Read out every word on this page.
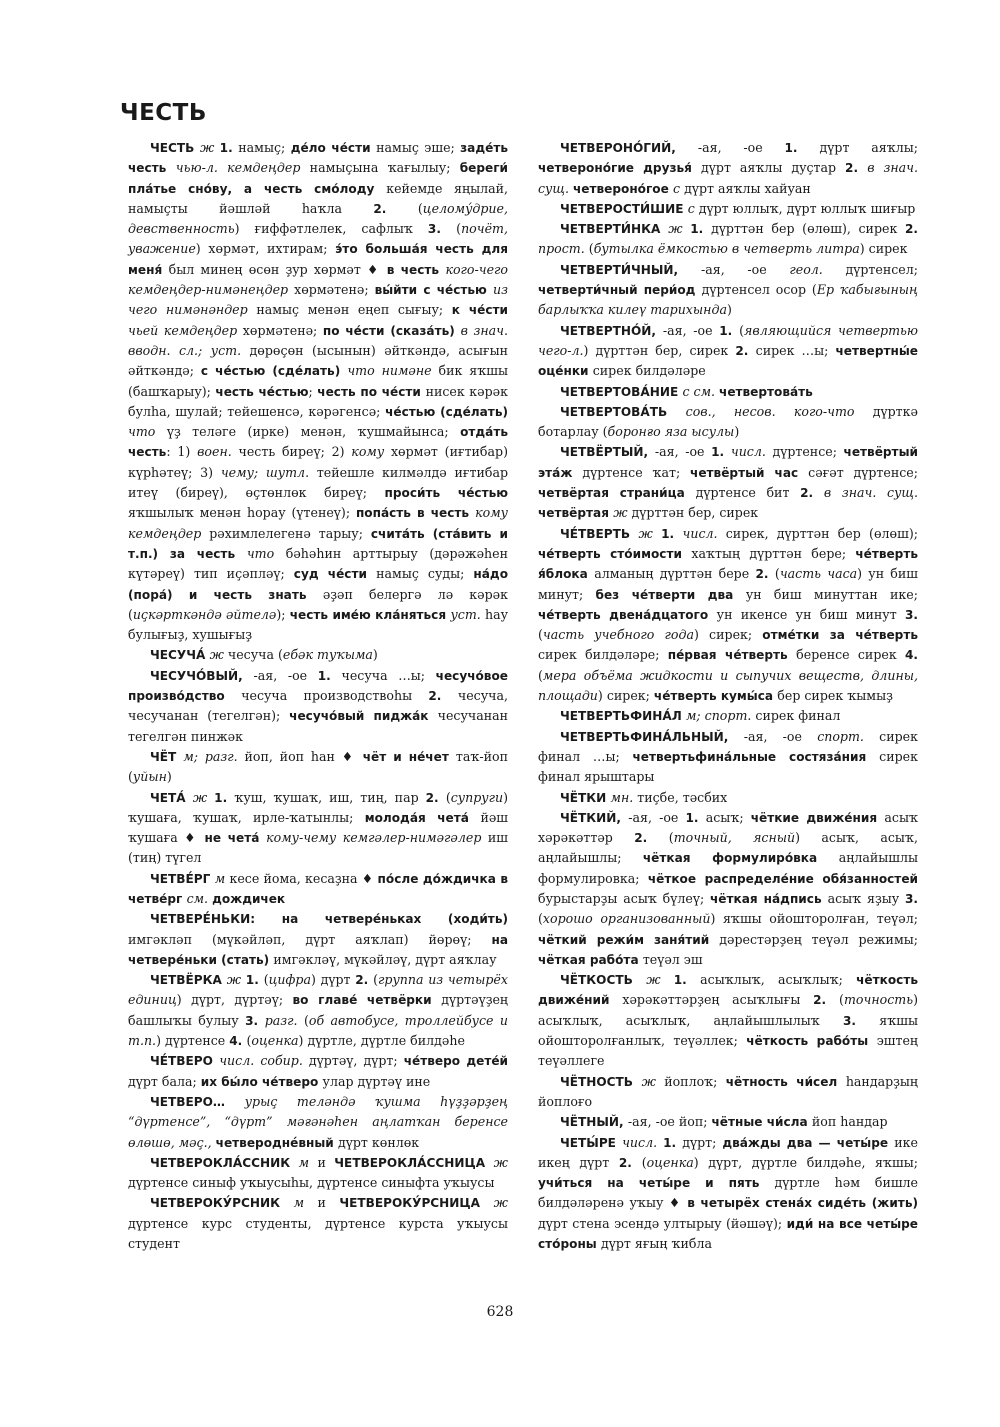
ЧЕСТЬ

ЧЕСТЬ ж 1. намыҫ; де́ло че́сти намыҫ эше; заде́ть честь чью-л. кемдеңдер намыҫына ҡағылыу; береги́ пла́тье сно́ву, а честь смо́лоду кейемде яңылай, намыҫты йәшләй һаҡла 2. (целому́дрие, девственность) ғиффәтлелек, сафлыҡ 3. (почёт, уважение) хөрмәт, ихтирам; э́то больша́я честь для меня́ был минең өсөн ҙур хөрмәт ♦ в честь кого-чего кемдеңдер-нимәнеңдер хөрмәтенә; вы́йти с че́стью из чего нимәнәндер намыҫ менән еңеп сығыу; к че́сти чьей кемдеңдер хөрмәтенә; по че́сти (сказа́ть) в знач. вводн. сл.; уст. дөрөҫөн (ысынын) әйткәндә, асығын әйткәндә; с че́стью (сде́лать) что нимәне бик яҡшы (башҡарыу); честь че́стью; честь по че́сти нисек кәрәк булһа, шулай; тейешенсә, кәрәгенсә; че́стью (сде́лать) что үҙ теләге (ирке) менән, ҡушмайынса; отда́ть честь: 1) воен. честь биреү; 2) кому хөрмәт (иғтибар) күрһәтеү; 3) чему; шутл. тейешле килмәлдә иғтибар итеү (биреү), өҫтөнлөк биреү; проси́ть че́стью яҡшылыҡ менән һорау (үтенеү); попа́сть в честь кому кемдеңдер рәхимлелегенә тарыу; счита́ть (ста́вить и т.п.) за честь что бәһәһин арттырыу (дәрәжәһен күтәреү) тип иҫәпләү; суд че́сти намыҫ суды; на́до (пора́) и честь знать әҙәп белергә лә кәрәк (иҫкәрткәндә әйтелә); честь име́ю кла́няться уст. һау булығыҙ, хушығыҙ

ЧЕСУЧА́ ж чесуча (ебәк туҡыма)

ЧЕСУЧО́ВЫЙ, -ая, -ое 1. чесуча …ы; чесучо́вое произво́дство чесуча производствоһы 2. чесуча, чесучанан (тегелгән); чесучо́вый пиджа́к чесучанан тегелгән пинжәк

ЧЁТ м; разг. йоп, йоп һан ♦ чёт и не́чет таҡ-йоп (уйын)

ЧЕТА́ ж 1. ҡуш, ҡушаҡ, иш, тиң, пар 2. (супруги) ҡушаға, ҡушаҡ, ирле-ҡатынлы; молода́я чета́ йәш ҡушаға ♦ не чета́ кому-чему кемгәлер-нимәгәлер иш (тиң) түгел

ЧЕТВЕ́РГ м кесе йома, кесаҙна ♦ по́сле до́ждичка в четве́рг см. дождичек

ЧЕТВЕРЕ́НЬКИ: на четвере́ньках (ходи́ть) имгәкләп (мүкәйләп, дүрт аяҡлап) йөрөү; на четвере́ньки (стать) имгәкләү, мүкәйләү, дүрт аяҡлау

ЧЕТВЁРКА ж 1. (цифра) дүрт 2. (группа из четырёх единиц) дүрт, дүртәү; во главе́ четвёрки дүртәүҙең башлыҡы булыу 3. разг. (об автобусе, троллейбусе и т.п.) дүртенсе 4. (оценка) дүртле, дүртле билдәһе

ЧЕ́ТВЕРО числ. собир. дүртәү, дүрт; че́тверо дете́й дүрт бала; их бы́ло че́тверо улар дүртәү ине

ЧЕТВЕРО… урыҫ теләндә ҡушма һүҙҙәрҙең “дүртенсе”, “дүрт” мәғәнәһен аңлатҡан беренсе өлөшө, мәҫ., четвероднéвный дүрт көнлөк

ЧЕТВЕРОКЛА́ССНИК м и ЧЕТВЕРОКЛА́ССНИЦА ж дүртенсе синыф уҡыусыһы, дүртенсе синыфта уҡыусы

ЧЕТВЕРОКУ́РСНИК м и ЧЕТВЕРОКУ́РСНИЦА ж дүртенсе курс студенты, дүртенсе курста уҡыусы студент

ЧЕТВЕРОНО́ГИЙ, -ая, -ое 1. дүрт аяҡлы; четвероно́гие друзья́ дүрт аяҡлы дуҫтар 2. в знач. сущ. четвероно́гое с дүрт аяҡлы хайуан

ЧЕТВЕРОСТИ́ШИЕ с дүрт юллыҡ, дүрт юллыҡ шиғыр

ЧЕТВЕРТИ́НКА ж 1. дүрттән бер (өлөш), сирек 2. прост. (бутылка ёмкостью в четверть литра) сирек

ЧЕТВЕРТИ́ЧНЫЙ, -ая, -ое геол. дүртенсел; четверти́чный пери́од дүртенсел осор (Ер ҡабығының барлыҡҡа килеү тарихында)

ЧЕТВЕРТНО́Й, -ая, -ое 1. (являющийся четвертью чего-л.) дүрттән бер, сирек 2. сирек …ы; четвертны́е оце́нки сирек билдәләре

ЧЕТВЕРТОВА́НИЕ с см. четвертова́ть

ЧЕТВЕРТОВА́ТЬ сов., несов. кого-что дүрткә ботарлау (боронғо яза ысулы)

ЧЕТВЁРТЫЙ, -ая, -ое 1. числ. дүртенсе; четвёртый эта́ж дүртенсе ҡат; четвёртый час сәғәт дүртенсе; четвёртая страни́ца дүртенсе бит 2. в знач. сущ. четвёртая ж дүрттән бер, сирек

ЧЕ́ТВЕРТЬ ж 1. числ. сирек, дүрттән бер (өлөш); че́тверть сто́имости хаҡтың дүрттән бере; че́тверть я́блока алманың дүрттән бере 2. (часть часа) ун биш минут; без че́тверти два ун биш минуттан ике; че́тверть двена́дцатого ун икенсе ун биш минут 3. (часть учебного года) сирек; отме́тки за че́тверть сирек билдәләре; пе́рвая че́тверть беренсе сирек 4. (мера объёма жидкости и сыпучих веществ, длины, площади) сирек; че́тверть кумы́са бер сирек ҡымыҙ

ЧЕТВЕРТЬФИНА́Л м; спорт. сирек финал

ЧЕТВЕРТЬФИНА́ЛЬНЫЙ, -ая, -ое спорт. сирек финал …ы; четвертьфина́льные состяза́ния сирек финал ярыштары

ЧЁТКИ мн. тиҫбе, тәсбих

ЧЁТКИЙ, -ая, -ое 1. асыҡ; чёткие движе́ния асыҡ хәрәкәттәр 2. (точный, ясный) асыҡ, асыҡ, аңлайышлы; чёткая формулиро́вка аңлайышлы формулировка; чёткое распределе́ние обя́занностей бурыстарҙы асыҡ бүлеү; чёткая на́дпись асыҡ яҙыу 3. (хорошо организованный) яҡшы ойошторолған, теүәл; чёткий режи́м заня́тий дәрестәрҙең теүәл режимы; чёткая рабо́та теүәл эш

ЧЁТКОСТЬ ж 1. асыҡлыҡ, асыҡлыҡ; чёткость движе́ний хәрәкәттәрҙең асыҡлығы 2. (точность) асыҡлыҡ, асыҡлыҡ, аңлайышлылыҡ 3. яҡшы ойошторолғанлыҡ, теүәллек; чёткость рабо́ты эштең теүәллеге

ЧЁТНОСТЬ ж йоплоҡ; чётность чи́сел һандарҙың йоплоғо

ЧЁТНЫЙ, -ая, -ое йоп; чётные чи́сла йоп һандар

ЧЕТЫ́РЕ числ. 1. дүрт; два́жды два — четы́ре ике икең дүрт 2. (оценка) дүрт, дүртле билдәһе, яҡшы; учи́ться на четы́ре и пять дүртле һәм бишле билдәләренә уҡыу ♦ в четырёх стена́х сиде́ть (жить) дүрт стена эсендә ултырыу (йәшәү); иди́ на все четы́ре сто́роны дүрт яғың ҡибла

628
